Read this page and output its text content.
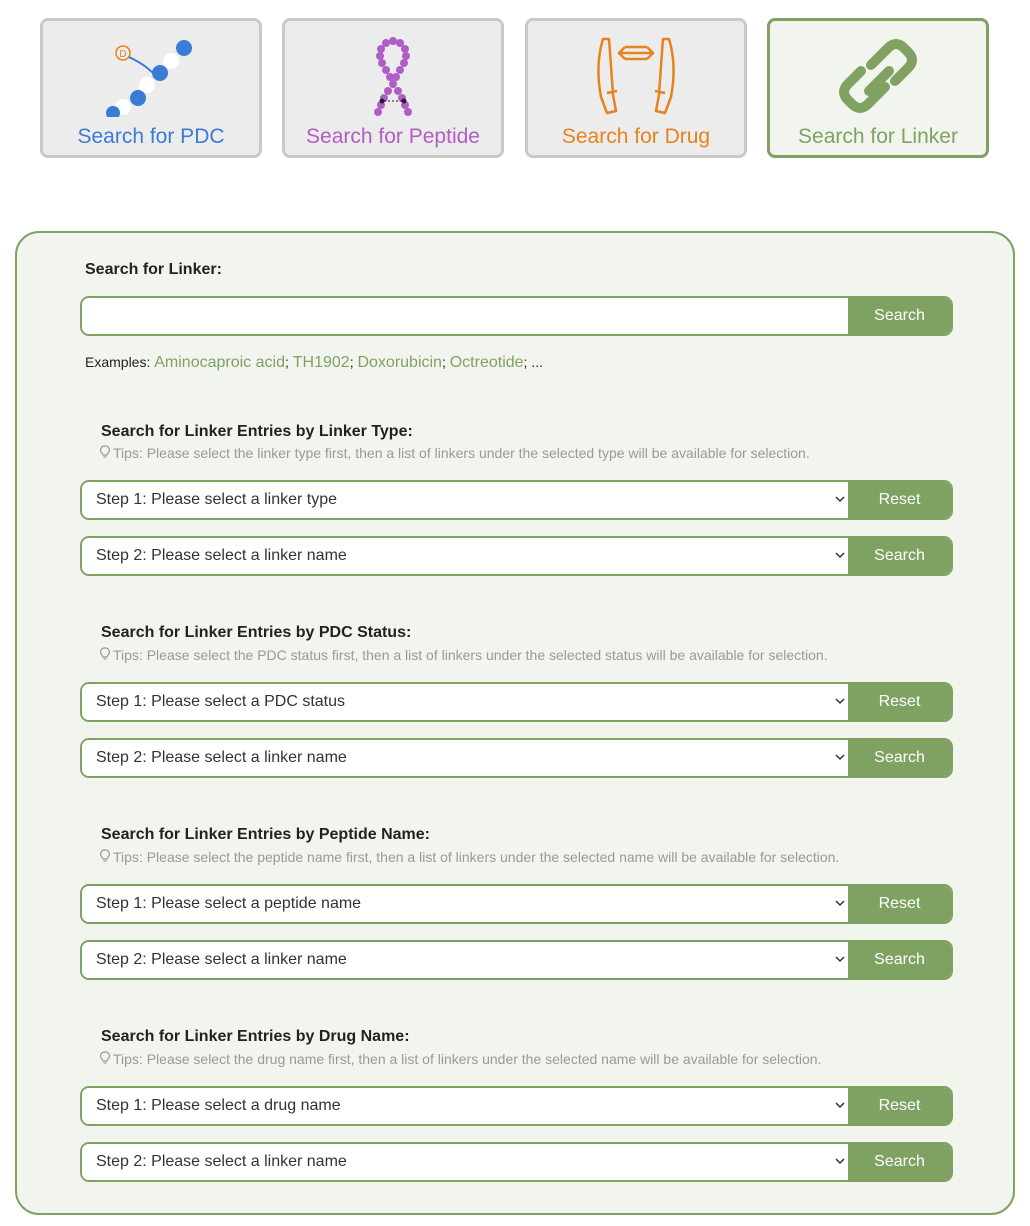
D
Search for PDC	Search for Peptide	Search for Drug	Search for Linker
Search for Linker:
Search
Examples: Aminocaproic acid; TH1902; Doxorubicin; Octreotide; ...
Search for Linker Entries by Linker Type:
Tips: Please select the linker type first, then a list of linkers under the selected type will be available for selection.
Step 1: Please select a linker type	Reset
Step 2: Please select a linker name	Search
Search for Linker Entries by PDC Status:
Tips: Please select the PDC status first, then a list of linkers under the selected status will be available for selection.
Step 1: Please select a PDC status	Reset
Step 2: Please select a linker name	Search
Search for Linker Entries by Peptide Name:
Tips: Please select the peptide name first, then a list of linkers under the selected name will be available for selection.
Step 1: Please select a peptide name	Reset
Step 2: Please select a linker name	Search
Search for Linker Entries by Drug Name:
Tips: Please select the drug name first, then a list of linkers under the selected name will be available for selection.
Step 1: Please select a drug name	Reset
Step 2: Please select a linker name	Search
